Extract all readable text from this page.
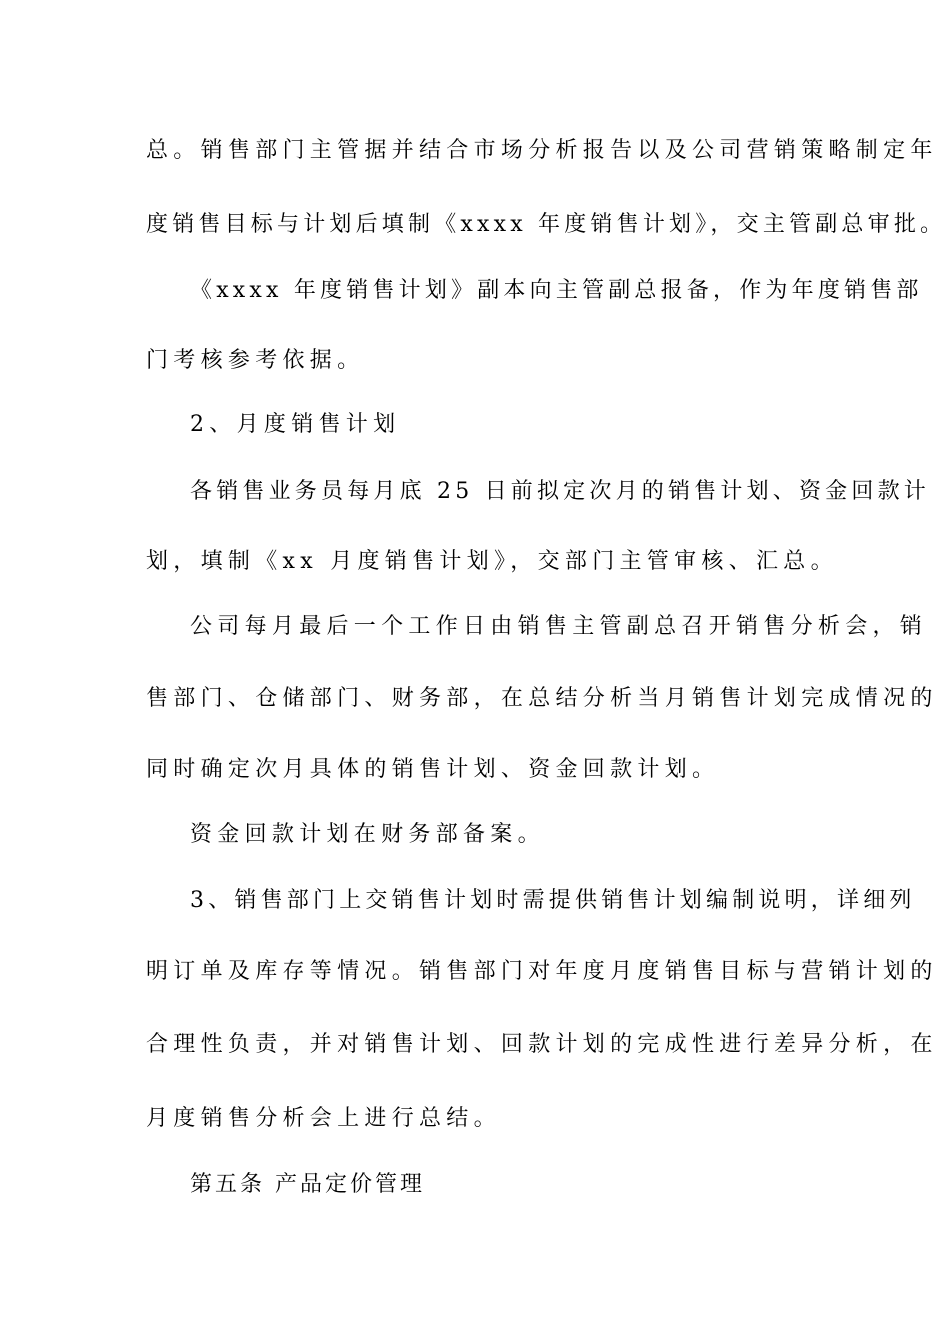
总。销售部门主管据并结合市场分析报告以及公司营销策略制定年
度销售目标与计划后填制《xxxx 年度销售计划》，交主管副总审批。
《xxxx 年度销售计划》副本向主管副总报备，作为年度销售部
门考核参考依据。
2、月度销售计划
各销售业务员每月底 25 日前拟定次月的销售计划、资金回款计
划，填制《xx 月度销售计划》，交部门主管审核、汇总。
公司每月最后一个工作日由销售主管副总召开销售分析会，销
售部门、仓储部门、财务部，在总结分析当月销售计划完成情况的
同时确定次月具体的销售计划、资金回款计划。
资金回款计划在财务部备案。
3、销售部门上交销售计划时需提供销售计划编制说明，详细列
明订单及库存等情况。销售部门对年度月度销售目标与营销计划的
合理性负责，并对销售计划、回款计划的完成性进行差异分析，在
月度销售分析会上进行总结。
第五条 产品定价管理
